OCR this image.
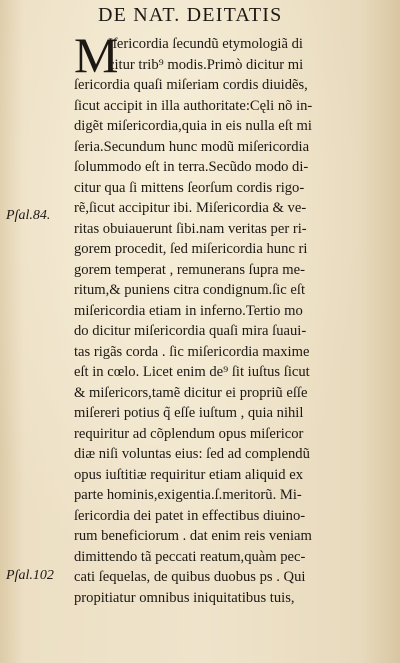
DE NAT. DEITATIS
Pſal.84.
Pſal.102
M
Iſericordia ſecundũ etymologiã di
citur trib⁹ modis.Primò dicitur mi
ſericordia quaſi miſeriam cordis diuidẽs,
ſicut accipit in illa authoritate:Cęli nõ in-
digẽt miſericordia,quia in eis nulla eſt mi
ſeria.Secundum hunc modũ miſericordia
ſolummodo eſt in terra.Secũdo modo di-
citur qua ſi mittens ſeorſum cordis rigo-
rẽ,ſicut accipitur ibi. Miſericordia & ve-
ritas obuiauerunt ſibi.nam veritas per ri-
gorem procedit, ſed miſericordia hunc ri
gorem temperat , remunerans ſupra me-
ritum,& puniens citra condignum.ſic eſt
miſericordia etiam in inferno.Tertio mo
do dicitur miſericordia quaſi mira ſuaui-
tas rigãs corda . ſic miſericordia maxime
eſt in cœlo. Licet enim de⁹ ſit iuſtus ſicut
& miſericors,tamẽ dicitur ei propriũ eſſe
miſereri potius q̃ eſſe iuſtum , quia nihil
requiritur ad cõplendum opus miſericor
diæ niſi voluntas eius: ſed ad complendũ
opus iuſtitiæ requiritur etiam aliquid ex
parte hominis,exigentia.ſ.meritorũ. Mi-
ſericordia dei patet in effectibus diuino-
rum beneficiorum . dat enim reis veniam
dimittendo tã peccati reatum,quàm pec-
cati ſequelas, de quibus duobus ps . Qui
propitiatur omnibus iniquitatibus tuis,
